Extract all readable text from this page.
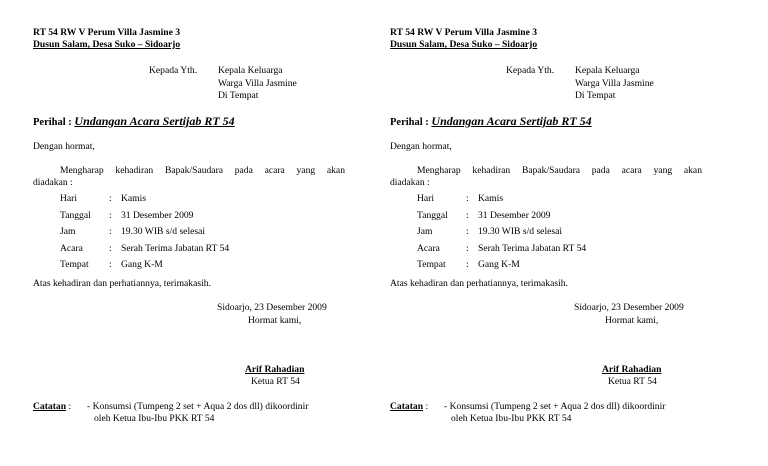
RT 54 RW V Perum Villa Jasmine 3
Dusun Salam, Desa Suko – Sidoarjo
Kepada Yth. Kepala Keluarga
Warga Villa Jasmine
Di Tempat
Perihal : Undangan Acara Sertijab RT 54
Dengan hormat,
Mengharap kehadiran Bapak/Saudara pada acara yang akan
diadakan :
Hari	: Kamis
Tanggal : 31 Desember 2009
Jam	: 19.30 WIB s/d selesai
Acara	: Serah Terima Jabatan RT 54
Tempat : Gang K-M
Atas kehadiran dan perhatiannya, terimakasih.
Sidoarjo, 23 Desember 2009
Hormat kami,
Arif Rahadian
Ketua RT 54
Catatan : - Konsumsi (Tumpeng 2 set + Aqua 2 dos dll) dikoordinir
oleh Ketua Ibu-Ibu PKK RT 54
RT 54 RW V Perum Villa Jasmine 3
Dusun Salam, Desa Suko – Sidoarjo
Kepada Yth. Kepala Keluarga
Warga Villa Jasmine
Di Tempat
Perihal : Undangan Acara Sertijab RT 54
Dengan hormat,
Mengharap kehadiran Bapak/Saudara pada acara yang akan
diadakan :
Hari	: Kamis
Tanggal : 31 Desember 2009
Jam	: 19.30 WIB s/d selesai
Acara	: Serah Terima Jabatan RT 54
Tempat : Gang K-M
Atas kehadiran dan perhatiannya, terimakasih.
Sidoarjo, 23 Desember 2009
Hormat kami,
Arif Rahadian
Ketua RT 54
Catatan : - Konsumsi (Tumpeng 2 set + Aqua 2 dos dll) dikoordinir
oleh Ketua Ibu-Ibu PKK RT 54
